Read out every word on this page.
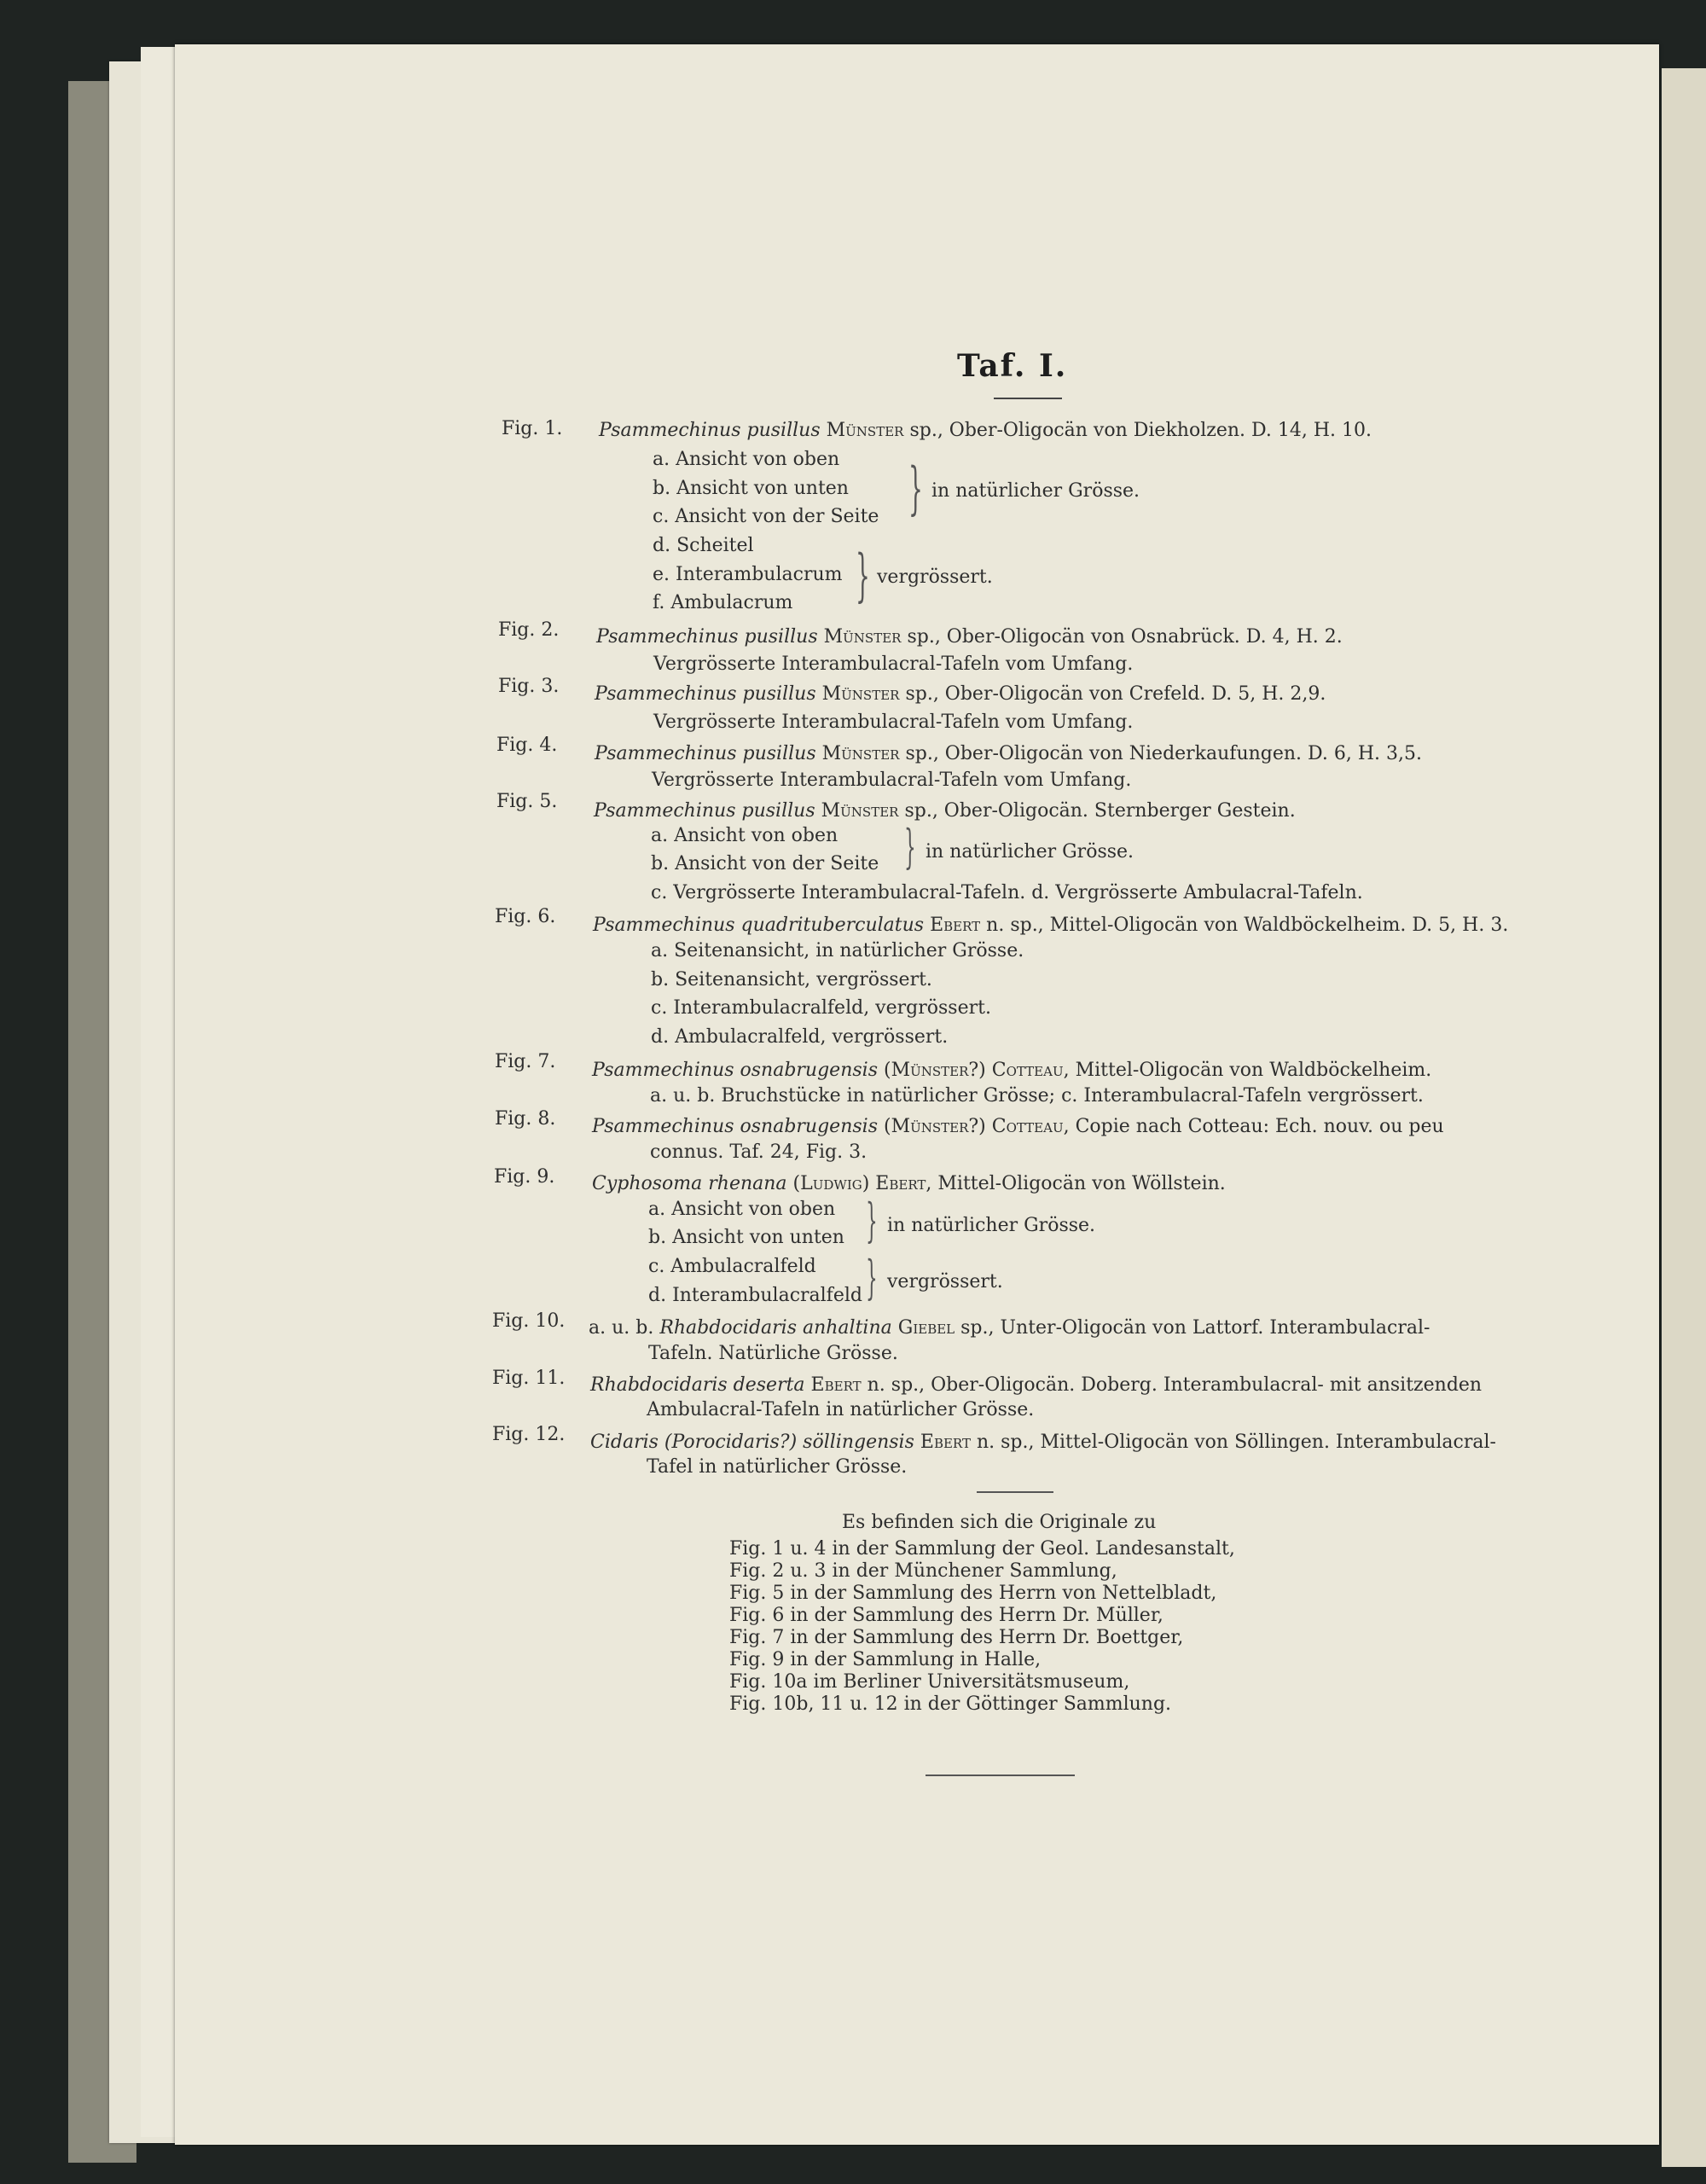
Taf. I.
Fig. 1. Psammechinus pusillus Münster sp., Ober-Oligocän von Diekholzen. D. 14, H. 10.
a. Ansicht von oben
b. Ansicht von unten
c. Ansicht von der Seite } in natürlicher Grösse.
d. Scheitel
e. Interambulacrum
f. Ambulacrum } vergrössert.
Fig. 2. Psammechinus pusillus Münster sp., Ober-Oligocän von Osnabrück. D. 4, H. 2.
Vergrösserte Interambulacral-Tafeln vom Umfang.
Fig. 3. Psammechinus pusillus Münster sp., Ober-Oligocän von Crefeld. D. 5, H. 2,9.
Vergrösserte Interambulacral-Tafeln vom Umfang.
Fig. 4. Psammechinus pusillus Münster sp., Ober-Oligocän von Niederkaufungen. D. 6, H. 3,5.
Vergrösserte Interambulacral-Tafeln vom Umfang.
Fig. 5. Psammechinus pusillus Münster sp., Ober-Oligocän. Sternberger Gestein.
a. Ansicht von oben
b. Ansicht von der Seite } in natürlicher Grösse.
c. Vergrösserte Interambulacral-Tafeln. d. Vergrösserte Ambulacral-Tafeln.
Fig. 6. Psammechinus quadrituberculatus Ebert n. sp., Mittel-Oligocän von Waldböckelheim. D. 5, H. 3.
a. Seitenansicht, in natürlicher Grösse.
b. Seitenansicht, vergrössert.
c. Interambulacralfeld, vergrössert.
d. Ambulacralfeld, vergrössert.
Fig. 7. Psammechinus osnabrugensis (Münster?) Cotteau, Mittel-Oligocän von Waldböckelheim.
a. u. b. Bruchstücke in natürlicher Grösse; c. Interambulacral-Tafeln vergrössert.
Fig. 8. Psammechinus osnabrugensis (Münster?) Cotteau, Copie nach Cotteau: Ech. nouv. ou peu
connus. Taf. 24, Fig. 3.
Fig. 9. Cyphosoma rhenana (Ludwig) Ebert, Mittel-Oligocän von Wöllstein.
a. Ansicht von oben
b. Ansicht von unten } in natürlicher Grösse.
c. Ambulacralfeld
d. Interambulacralfeld } vergrössert.
Fig. 10. a. u. b. Rhabdocidaris anhaltina Giebel sp., Unter-Oligocän von Lattorf. Interambulacral-
Tafeln. Natürliche Grösse.
Fig. 11. Rhabdocidaris deserta Ebert n. sp., Ober-Oligocän. Doberg. Interambulacral- mit ansitzenden
Ambulacral-Tafeln in natürlicher Grösse.
Fig. 12. Cidaris (Porocidaris?) söllingensis Ebert n. sp., Mittel-Oligocän von Söllingen. Interambulacral-
Tafel in natürlicher Grösse.
Es befinden sich die Originale zu
Fig. 1 u. 4 in der Sammlung der Geol. Landesanstalt,
Fig. 2 u. 3 in der Münchener Sammlung,
Fig. 5 in der Sammlung des Herrn von Nettelbladt,
Fig. 6 in der Sammlung des Herrn Dr. Müller,
Fig. 7 in der Sammlung des Herrn Dr. Boettger,
Fig. 9 in der Sammlung in Halle,
Fig. 10a im Berliner Universitätsmuseum,
Fig. 10b, 11 u. 12 in der Göttinger Sammlung.
